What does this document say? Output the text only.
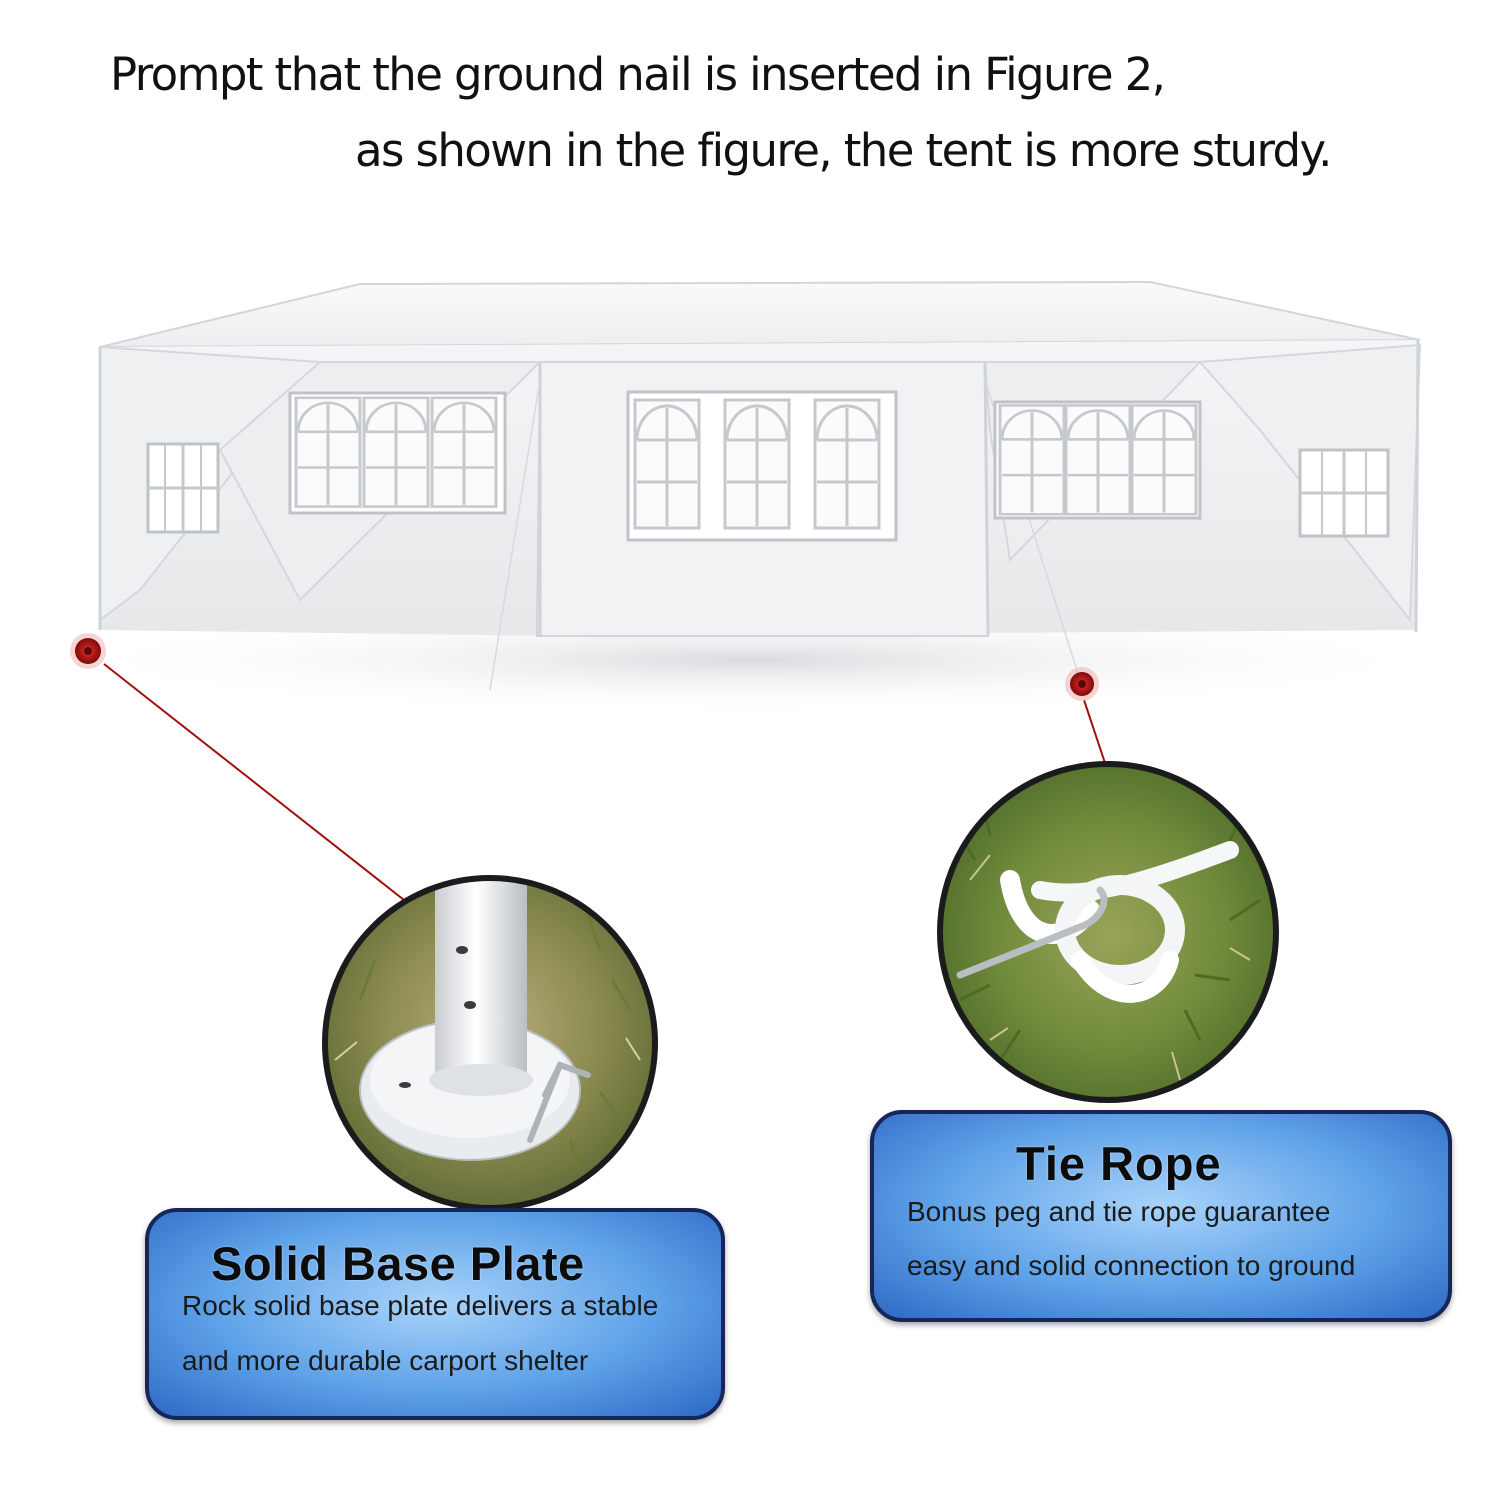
Prompt that the ground nail is inserted in Figure 2,
as shown in the figure, the tent is more sturdy.
Solid Base Plate

Rock solid base plate delivers a stable

and more durable carport shelter

Tie Rope

Bonus peg and tie rope guarantee

easy and solid connection to ground
